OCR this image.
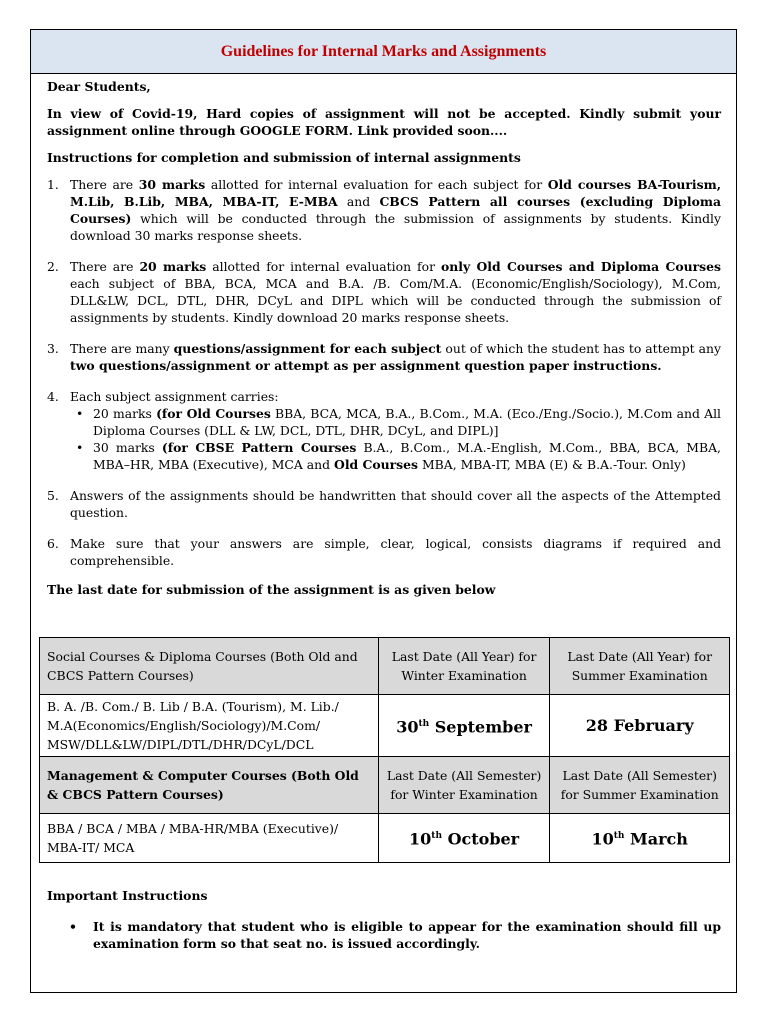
Guidelines for Internal Marks and Assignments

Dear Students,

In view of Covid-19, Hard copies of assignment will not be accepted. Kindly submit your assignment online through GOOGLE FORM. Link provided soon....

Instructions for completion and submission of internal assignments

1. There are 30 marks allotted for internal evaluation for each subject for Old courses BA-Tourism, M.Lib, B.Lib, MBA, MBA-IT, E-MBA and CBCS Pattern all courses (excluding Diploma Courses) which will be conducted through the submission of assignments by students. Kindly download 30 marks response sheets.
2. There are 20 marks allotted for internal evaluation for only Old Courses and Diploma Courses each subject of BBA, BCA, MCA and B.A. /B. Com/M.A. (Economic/English/Sociology), M.Com, DLL&LW, DCL, DTL, DHR, DCyL and DIPL which will be conducted through the submission of assignments by students. Kindly download 20 marks response sheets.
3. There are many questions/assignment for each subject out of which the student has to attempt any two questions/assignment or attempt as per assignment question paper instructions.
4. Each subject assignment carries:
• 20 marks (for Old Courses BBA, BCA, MCA, B.A., B.Com., M.A. (Eco./Eng./Socio.), M.Com and All Diploma Courses (DLL & LW, DCL, DTL, DHR, DCyL, and DIPL)]
• 30 marks (for CBSE Pattern Courses B.A., B.Com., M.A.-English, M.Com., BBA, BCA, MBA, MBA–HR, MBA (Executive), MCA and Old Courses MBA, MBA-IT, MBA (E) & B.A.-Tour. Only)
5. Answers of the assignments should be handwritten that should cover all the aspects of the Attempted question.
6. Make sure that your answers are simple, clear, logical, consists diagrams if required and comprehensible.

The last date for submission of the assignment is as given below

Social Courses & Diploma Courses (Both Old and CBCS Pattern Courses)	Last Date (All Year) for Winter Examination	Last Date (All Year) for Summer Examination
B. A. /B. Com./ B. Lib / B.A. (Tourism), M. Lib./ M.A(Economics/English/Sociology)/M.Com/ MSW/DLL&LW/DIPL/DTL/DHR/DCyL/DCL	30th September	28 February
Management & Computer Courses (Both Old & CBCS Pattern Courses)	Last Date (All Semester) for Winter Examination	Last Date (All Semester) for Summer Examination
BBA / BCA / MBA / MBA-HR/MBA (Executive)/ MBA-IT/ MCA	10th October	10th March

Important Instructions

• It is mandatory that student who is eligible to appear for the examination should fill up examination form so that seat no. is issued accordingly.
